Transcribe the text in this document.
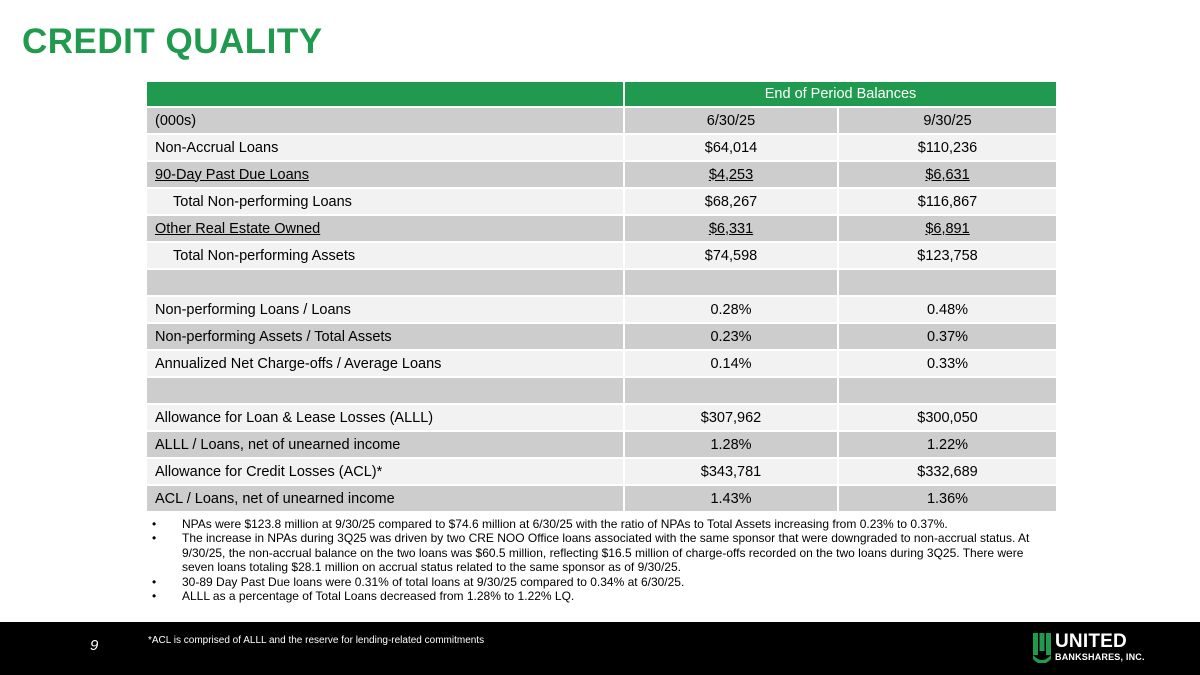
CREDIT QUALITY
	End of Period Balances	
(000s)	6/30/25	9/30/25
Non-Accrual Loans	$64,014	$110,236
90-Day Past Due Loans	$4,253	$6,631
Total Non-performing Loans	$68,267	$116,867
Other Real Estate Owned	$6,331	$6,891
Total Non-performing Assets	$74,598	$123,758

Non-performing Loans / Loans	0.28%	0.48%
Non-performing Assets / Total Assets	0.23%	0.37%
Annualized Net Charge-offs / Average Loans	0.14%	0.33%

Allowance for Loan & Lease Losses (ALLL)	$307,962	$300,050
ALLL / Loans, net of unearned income	1.28%	1.22%
Allowance for Credit Losses (ACL)*	$343,781	$332,689
ACL / Loans, net of unearned income	1.43%	1.36%
• NPAs were $123.8 million at 9/30/25 compared to $74.6 million at 6/30/25 with the ratio of NPAs to Total Assets increasing from 0.23% to 0.37%.
• The increase in NPAs during 3Q25 was driven by two CRE NOO Office loans associated with the same sponsor that were downgraded to non-accrual status. At 9/30/25, the non-accrual balance on the two loans was $60.5 million, reflecting $16.5 million of charge-offs recorded on the two loans during 3Q25. There were seven loans totaling $28.1 million on accrual status related to the same sponsor as of 9/30/25.
• 30-89 Day Past Due loans were 0.31% of total loans at 9/30/25 compared to 0.34% at 6/30/25.
• ALLL as a percentage of Total Loans decreased from 1.28% to 1.22% LQ.
9	*ACL is comprised of ALLL and the reserve for lending-related commitments	UNITED
BANKSHARES, INC.
